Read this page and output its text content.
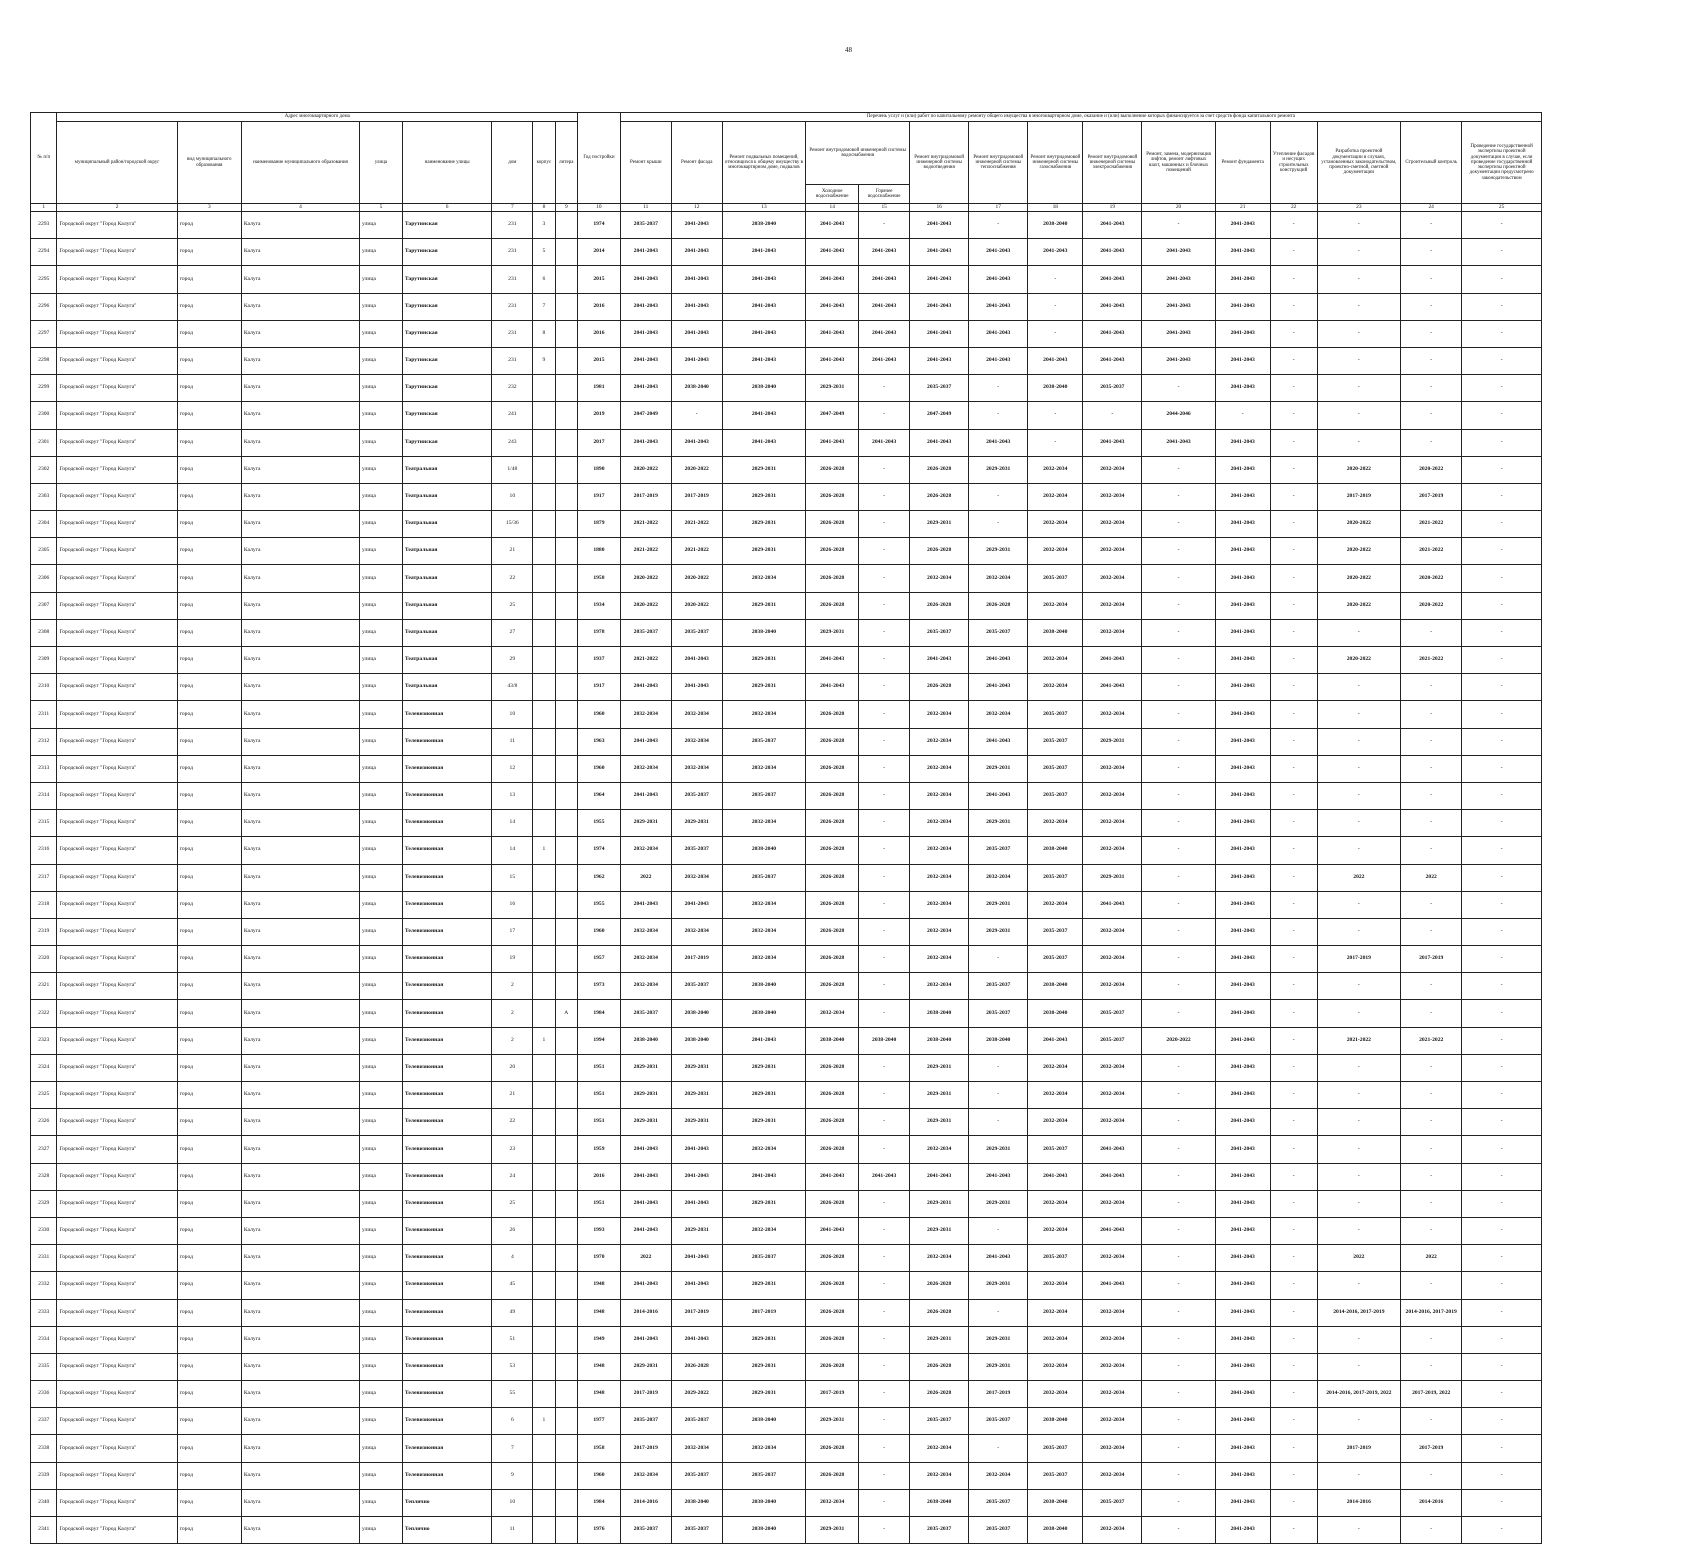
48
№ п/п	Адрес многоквартирного дома								Год постройки	Перечень услуг и (или) работ по капитальному ремонту общего имущества в многоквартирном доме, оказание и (или) выполнение которых финансируется за счет средств фонда капитального ремонта														
	муниципальный район/городской округ	вид муниципального образования	наименование муниципального образования	улица	наименование улицы	дом	корпус	литера		Ремонт крыши	Ремонт фасада	Ремонт подвальных помещений, относящихся к общему имуществу в многоквартирном доме, подвалов	Ремонт внутридомовой инженерной системы водоснабжения		Ремонт внутридомовой инженерной системы водоотведения	Ремонт внутридомовой инженерной системы теплоснабжения	Ремонт внутридомовой инженерной системы газоснабжения	Ремонт внутридомовой инженерной системы электроснабжения	Ремонт, замена, модернизация лифтов, ремонт лифтовых шахт, машинных и блочных помещений	Ремонт фундамента	Утепление фасадов и несущих строительных конструкций	Разработка проектной документации в случаях, установленных законодательством, проектно-сметной, сметной документации	Строительный контроль	Проведение государственной экспертизы проектной документации в случае, если проведение государственной экспертизы проектной документации предусмотрено законодательством
													Холодное водоснабжение	Горячее водоснабжение										
1	2	3	4	5	6	7	8	9	10	11	12	13	14	15	16	17	18	19	20	21	22	23	24	25
2293	Городской округ "Город Калуга"	город	Калуга	улица	Тарутинская	231	3		1974	2035-2037	2041-2043	2038-2040	2041-2043	-	2041-2043	-	2038-2040	2041-2043	-	2041-2043	-	-	-	-
2294	Городской округ "Город Калуга"	город	Калуга	улица	Тарутинская	231	5		2014	2041-2043	2041-2043	2041-2043	2041-2043	2041-2043	2041-2043	2041-2043	2041-2043	2041-2043	2041-2043	2041-2043	-	-	-	-
2295	Городской округ "Город Калуга"	город	Калуга	улица	Тарутинская	231	6		2015	2041-2043	2041-2043	2041-2043	2041-2043	2041-2043	2041-2043	2041-2043	-	2041-2043	2041-2043	2041-2043	-	-	-	-
2296	Городской округ "Город Калуга"	город	Калуга	улица	Тарутинская	231	7		2016	2041-2043	2041-2043	2041-2043	2041-2043	2041-2043	2041-2043	2041-2043	-	2041-2043	2041-2043	2041-2043	-	-	-	-
2297	Городской округ "Город Калуга"	город	Калуга	улица	Тарутинская	231	8		2016	2041-2043	2041-2043	2041-2043	2041-2043	2041-2043	2041-2043	2041-2043	-	2041-2043	2041-2043	2041-2043	-	-	-	-
2298	Городской округ "Город Калуга"	город	Калуга	улица	Тарутинская	231	9		2015	2041-2043	2041-2043	2041-2043	2041-2043	2041-2043	2041-2043	2041-2043	2041-2043	2041-2043	2041-2043	2041-2043	-	-	-	-
2299	Городской округ "Город Калуга"	город	Калуга	улица	Тарутинская	232			1981	2041-2043	2038-2040	2038-2040	2029-2031	-	2035-2037	-	2038-2040	2035-2037	-	2041-2043	-	-	-	-
2300	Городской округ "Город Калуга"	город	Калуга	улица	Тарутинская	241			2019	2047-2049	-	2041-2043	2047-2049	-	2047-2049	-	-	-	2044-2046	-	-	-	-	-
2301	Городской округ "Город Калуга"	город	Калуга	улица	Тарутинская	243			2017	2041-2043	2041-2043	2041-2043	2041-2043	2041-2043	2041-2043	2041-2043	-	2041-2043	2041-2043	2041-2043	-	-	-	-
2302	Городской округ "Город Калуга"	город	Калуга	улица	Театральная	1/48			1890	2020-2022	2020-2022	2029-2031	2026-2028	-	2026-2028	2029-2031	2032-2034	2032-2034	-	2041-2043	-	2020-2022	2020-2022	-
2303	Городской округ "Город Калуга"	город	Калуга	улица	Театральная	10			1917	2017-2019	2017-2019	2029-2031	2026-2028	-	2026-2028	-	2032-2034	2032-2034	-	2041-2043	-	2017-2019	2017-2019	-
2304	Городской округ "Город Калуга"	город	Калуга	улица	Театральная	15/36			1879	2021-2022	2021-2022	2029-2031	2026-2028	-	2029-2031	-	2032-2034	2032-2034	-	2041-2043	-	2020-2022	2021-2022	-
2305	Городской округ "Город Калуга"	город	Калуга	улица	Театральная	21			1880	2021-2022	2021-2022	2029-2031	2026-2028	-	2026-2028	2029-2031	2032-2034	2032-2034	-	2041-2043	-	2020-2022	2021-2022	-
2306	Городской округ "Город Калуга"	город	Калуга	улица	Театральная	22			1958	2020-2022	2020-2022	2032-2034	2026-2028	-	2032-2034	2032-2034	2035-2037	2032-2034	-	2041-2043	-	2020-2022	2020-2022	-
2307	Городской округ "Город Калуга"	город	Калуга	улица	Театральная	25			1934	2020-2022	2020-2022	2029-2031	2026-2028	-	2026-2028	2026-2028	2032-2034	2032-2034	-	2041-2043	-	2020-2022	2020-2022	-
2308	Городской округ "Город Калуга"	город	Калуга	улица	Театральная	27			1978	2035-2037	2035-2037	2038-2040	2029-2031	-	2035-2037	2035-2037	2038-2040	2032-2034	-	2041-2043	-	-	-	-
2309	Городской округ "Город Калуга"	город	Калуга	улица	Театральная	29			1937	2021-2022	2041-2043	2029-2031	2041-2043	-	2041-2043	2041-2043	2032-2034	2041-2043	-	2041-2043	-	2020-2022	2021-2022	-
2310	Городской округ "Город Калуга"	город	Калуга	улица	Театральная	43/8			1917	2041-2043	2041-2043	2029-2031	2041-2043	-	2026-2028	2041-2043	2032-2034	2041-2043	-	2041-2043	-	-	-	-
2311	Городской округ "Город Калуга"	город	Калуга	улица	Телевизионная	10			1960	2032-2034	2032-2034	2032-2034	2026-2028	-	2032-2034	2032-2034	2035-2037	2032-2034	-	2041-2043	-	-	-	-
2312	Городской округ "Город Калуга"	город	Калуга	улица	Телевизионная	11			1963	2041-2043	2032-2034	2035-2037	2026-2028	-	2032-2034	2041-2043	2035-2037	2029-2031	-	2041-2043	-	-	-	-
2313	Городской округ "Город Калуга"	город	Калуга	улица	Телевизионная	12			1960	2032-2034	2032-2034	2032-2034	2026-2028	-	2032-2034	2029-2031	2035-2037	2032-2034	-	2041-2043	-	-	-	-
2314	Городской округ "Город Калуга"	город	Калуга	улица	Телевизионная	13			1964	2041-2043	2035-2037	2035-2037	2026-2028	-	2032-2034	2041-2043	2035-2037	2032-2034	-	2041-2043	-	-	-	-
2315	Городской округ "Город Калуга"	город	Калуга	улица	Телевизионная	14			1955	2029-2031	2029-2031	2032-2034	2026-2028	-	2032-2034	2029-2031	2032-2034	2032-2034	-	2041-2043	-	-	-	-
2316	Городской округ "Город Калуга"	город	Калуга	улица	Телевизионная	14	1		1974	2032-2034	2035-2037	2038-2040	2026-2028	-	2032-2034	2035-2037	2038-2040	2032-2034	-	2041-2043	-	-	-	-
2317	Городской округ "Город Калуга"	город	Калуга	улица	Телевизионная	15			1962	2022	2032-2034	2035-2037	2026-2028	-	2032-2034	2032-2034	2035-2037	2029-2031	-	2041-2043	-	2022	2022	-
2318	Городской округ "Город Калуга"	город	Калуга	улица	Телевизионная	16			1955	2041-2043	2041-2043	2032-2034	2026-2028	-	2032-2034	2029-2031	2032-2034	2041-2043	-	2041-2043	-	-	-	-
2319	Городской округ "Город Калуга"	город	Калуга	улица	Телевизионная	17			1960	2032-2034	2032-2034	2032-2034	2026-2028	-	2032-2034	2029-2031	2035-2037	2032-2034	-	2041-2043	-	-	-	-
2320	Городской округ "Город Калуга"	город	Калуга	улица	Телевизионная	19			1957	2032-2034	2017-2019	2032-2034	2026-2028	-	2032-2034	-	2035-2037	2032-2034	-	2041-2043	-	2017-2019	2017-2019	-
2321	Городской округ "Город Калуга"	город	Калуга	улица	Телевизионная	2			1973	2032-2034	2035-2037	2038-2040	2026-2028	-	2032-2034	2035-2037	2038-2040	2032-2034	-	2041-2043	-	-	-	-
2322	Городской округ "Город Калуга"	город	Калуга	улица	Телевизионная	2		А	1984	2035-2037	2038-2040	2038-2040	2032-2034	-	2038-2040	2035-2037	2038-2040	2035-2037	-	2041-2043	-	-	-	-
2323	Городской округ "Город Калуга"	город	Калуга	улица	Телевизионная	2	1		1994	2038-2040	2038-2040	2041-2043	2038-2040	2038-2040	2038-2040	2038-2040	2041-2043	2035-2037	2020-2022	2041-2043	-	2021-2022	2021-2022	-
2324	Городской округ "Город Калуга"	город	Калуга	улица	Телевизионная	20			1951	2029-2031	2029-2031	2029-2031	2026-2028	-	2029-2031	-	2032-2034	2032-2034	-	2041-2043	-	-	-	-
2325	Городской округ "Город Калуга"	город	Калуга	улица	Телевизионная	21			1951	2029-2031	2029-2031	2029-2031	2026-2028	-	2029-2031	-	2032-2034	2032-2034	-	2041-2043	-	-	-	-
2326	Городской округ "Город Калуга"	город	Калуга	улица	Телевизионная	22			1951	2029-2031	2029-2031	2029-2031	2026-2028	-	2029-2031	-	2032-2034	2032-2034	-	2041-2043	-	-	-	-
2327	Городской округ "Город Калуга"	город	Калуга	улица	Телевизионная	23			1959	2041-2043	2041-2043	2032-2034	2026-2028	-	2032-2034	2029-2031	2035-2037	2041-2043	-	2041-2043	-	-	-	-
2328	Городской округ "Город Калуга"	город	Калуга	улица	Телевизионная	24			2016	2041-2043	2041-2043	2041-2043	2041-2043	2041-2043	2041-2043	2041-2043	2041-2043	2041-2043	-	2041-2043	-	-	-	-
2329	Городской округ "Город Калуга"	город	Калуга	улица	Телевизионная	25			1951	2041-2043	2041-2043	2029-2031	2026-2028	-	2029-2031	2029-2031	2032-2034	2032-2034	-	2041-2043	-	-	-	-
2330	Городской округ "Город Калуга"	город	Калуга	улица	Телевизионная	26			1993	2041-2043	2029-2031	2032-2034	2041-2043	-	2029-2031	-	2032-2034	2041-2043	-	2041-2043	-	-	-	-
2331	Городской округ "Город Калуга"	город	Калуга	улица	Телевизионная	4			1970	2022	2041-2043	2035-2037	2026-2028	-	2032-2034	2041-2043	2035-2037	2032-2034	-	2041-2043	-	2022	2022	-
2332	Городской округ "Город Калуга"	город	Калуга	улица	Телевизионная	45			1948	2041-2043	2041-2043	2029-2031	2026-2028	-	2026-2028	2029-2031	2032-2034	2041-2043	-	2041-2043	-	-	-	-
2333	Городской округ "Город Калуга"	город	Калуга	улица	Телевизионная	49			1948	2014-2016	2017-2019	2017-2019	2026-2028	-	2026-2028	-	2032-2034	2032-2034	-	2041-2043	-	2014-2016, 2017-2019	2014-2016, 2017-2019	-
2334	Городской округ "Город Калуга"	город	Калуга	улица	Телевизионная	51			1949	2041-2043	2041-2043	2029-2031	2026-2028	-	2029-2031	2029-2031	2032-2034	2032-2034	-	2041-2043	-	-	-	-
2335	Городской округ "Город Калуга"	город	Калуга	улица	Телевизионная	53			1948	2029-2031	2026-2028	2029-2031	2026-2028	-	2026-2028	2029-2031	2032-2034	2032-2034	-	2041-2043	-	-	-	-
2336	Городской округ "Город Калуга"	город	Калуга	улица	Телевизионная	55			1948	2017-2019	2029-2022	2029-2031	2017-2019	-	2026-2028	2017-2019	2032-2034	2032-2034	-	2041-2043	-	2014-2016, 2017-2019, 2022	2017-2019, 2022	-
2337	Городской округ "Город Калуга"	город	Калуга	улица	Телевизионная	6	1		1977	2035-2037	2035-2037	2038-2040	2029-2031	-	2035-2037	2035-2037	2038-2040	2032-2034	-	2041-2043	-	-	-	-
2338	Городской округ "Город Калуга"	город	Калуга	улица	Телевизионная	7			1958	2017-2019	2032-2034	2032-2034	2026-2028	-	2032-2034	-	2035-2037	2032-2034	-	2041-2043	-	2017-2019	2017-2019	-
2339	Городской округ "Город Калуга"	город	Калуга	улица	Телевизионная	9			1960	2032-2034	2035-2037	2035-2037	2026-2028	-	2032-2034	2032-2034	2035-2037	2032-2034	-	2041-2043	-	-	-	-
2340	Городской округ "Город Калуга"	город	Калуга	улица	Теплично	10			1984	2014-2016	2038-2040	2038-2040	2032-2034	-	2038-2040	2035-2037	2038-2040	2035-2037	-	2041-2043	-	2014-2016	2014-2016	-
2341	Городской округ "Город Калуга"	город	Калуга	улица	Теплично	11			1976	2035-2037	2035-2037	2038-2040	2029-2031	-	2035-2037	2035-2037	2038-2040	2032-2034	-	2041-2043	-	-	-	-
